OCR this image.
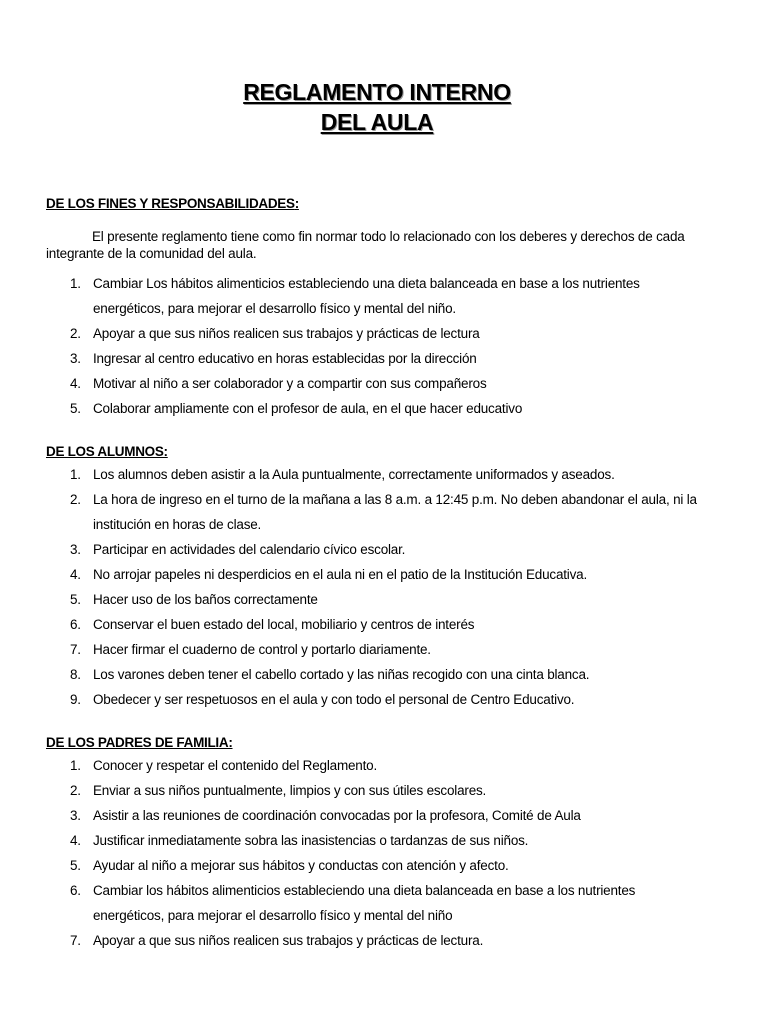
REGLAMENTO INTERNO
DEL AULA

DE LOS FINES Y RESPONSABILIDADES:

El presente reglamento tiene como fin normar todo lo relacionado con los deberes y derechos de cada integrante de la comunidad del aula.

1. Cambiar Los hábitos alimenticios estableciendo una dieta balanceada en base a los nutrientes energéticos, para mejorar el desarrollo físico y mental del niño.
2. Apoyar a que sus niños realicen sus trabajos y prácticas de lectura
3. Ingresar al centro educativo en horas establecidas por la dirección
4. Motivar al niño a ser colaborador y a compartir con sus compañeros
5. Colaborar ampliamente con el profesor de aula, en el que hacer educativo

DE LOS ALUMNOS:

1. Los alumnos deben asistir a la Aula puntualmente, correctamente uniformados y aseados.
2. La hora de ingreso en el turno de la mañana a las 8 a.m. a 12:45 p.m. No deben abandonar el aula, ni la institución en horas de clase.
3. Participar en actividades del calendario cívico escolar.
4. No arrojar papeles ni desperdicios en el aula ni en el patio de la Institución Educativa.
5. Hacer uso de los baños correctamente
6. Conservar el buen estado del local, mobiliario y centros de interés
7. Hacer firmar el cuaderno de control y portarlo diariamente.
8. Los varones deben tener el cabello cortado y las niñas recogido con una cinta blanca.
9. Obedecer y ser respetuosos en el aula y con todo el personal de Centro Educativo.

DE LOS PADRES DE FAMILIA:

1. Conocer y respetar el contenido del Reglamento.
2. Enviar a sus niños puntualmente, limpios y con sus útiles escolares.
3. Asistir a las reuniones de coordinación convocadas por la profesora, Comité de Aula
4. Justificar inmediatamente sobra las inasistencias o tardanzas de sus niños.
5. Ayudar al niño a mejorar sus hábitos y conductas con atención y afecto.
6. Cambiar los hábitos alimenticios estableciendo una dieta balanceada en base a los nutrientes energéticos, para mejorar el desarrollo físico y mental del niño
7. Apoyar a que sus niños realicen sus trabajos y prácticas de lectura.
